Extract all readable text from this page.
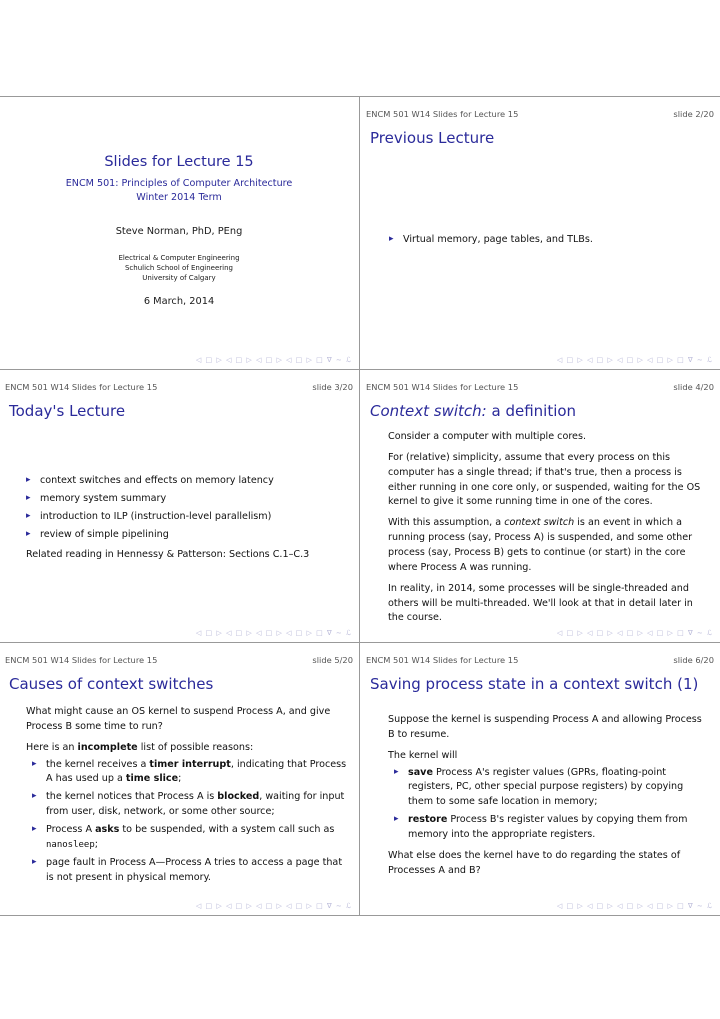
Slides for Lecture 15
ENCM 501: Principles of Computer Architecture
Winter 2014 Term
Steve Norman, PhD, PEng
Electrical & Computer Engineering
Schulich School of Engineering
University of Calgary
6 March, 2014
◁ □ ▷ ◁ □ ▷ ◁ □ ▷ ◁ □ ▷ □ ∇ ∼ ℒ
ENCM 501 W14 Slides for Lecture 15	slide 2/20
Previous Lecture
▸ Virtual memory, page tables, and TLBs.
◁ □ ▷ ◁ □ ▷ ◁ □ ▷ ◁ □ ▷ □ ∇ ∼ ℒ
ENCM 501 W14 Slides for Lecture 15	slide 3/20
Today's Lecture
▸ context switches and effects on memory latency
▸ memory system summary
▸ introduction to ILP (instruction-level parallelism)
▸ review of simple pipelining

Related reading in Hennessy & Patterson: Sections C.1–C.3

◁ □ ▷ ◁ □ ▷ ◁ □ ▷ ◁ □ ▷ □ ∇ ∼ ℒ
ENCM 501 W14 Slides for Lecture 15	slide 4/20
Context switch: a definition

Consider a computer with multiple cores.

For (relative) simplicity, assume that every process on this computer has a single thread; if that's true, then a process is either running in one core only, or suspended, waiting for the OS kernel to give it some running time in one of the cores.

With this assumption, a context switch is an event in which a running process (say, Process A) is suspended, and some other process (say, Process B) gets to continue (or start) in the core where Process A was running.

In reality, in 2014, some processes will be single-threaded and others will be multi-threaded. We'll look at that in detail later in the course.

◁ □ ▷ ◁ □ ▷ ◁ □ ▷ ◁ □ ▷ □ ∇ ∼ ℒ
ENCM 501 W14 Slides for Lecture 15	slide 5/20
Causes of context switches

What might cause an OS kernel to suspend Process A, and give Process B some time to run?

Here is an incomplete list of possible reasons:

▸ the kernel receives a timer interrupt, indicating that Process A has used up a time slice;
▸ the kernel notices that Process A is blocked, waiting for input from user, disk, network, or some other source;
▸ Process A asks to be suspended, with a system call such as nanosleep;
▸ page fault in Process A—Process A tries to access a page that is not present in physical memory.
◁ □ ▷ ◁ □ ▷ ◁ □ ▷ ◁ □ ▷ □ ∇ ∼ ℒ
ENCM 501 W14 Slides for Lecture 15	slide 6/20
Saving process state in a context switch (1)

Suppose the kernel is suspending Process A and allowing Process B to resume.

The kernel will

▸ save Process A's register values (GPRs, floating-point registers, PC, other special purpose registers) by copying them to some safe location in memory;
▸ restore Process B's register values by copying them from memory into the appropriate registers.

What else does the kernel have to do regarding the states of Processes A and B?

◁ □ ▷ ◁ □ ▷ ◁ □ ▷ ◁ □ ▷ □ ∇ ∼ ℒ
